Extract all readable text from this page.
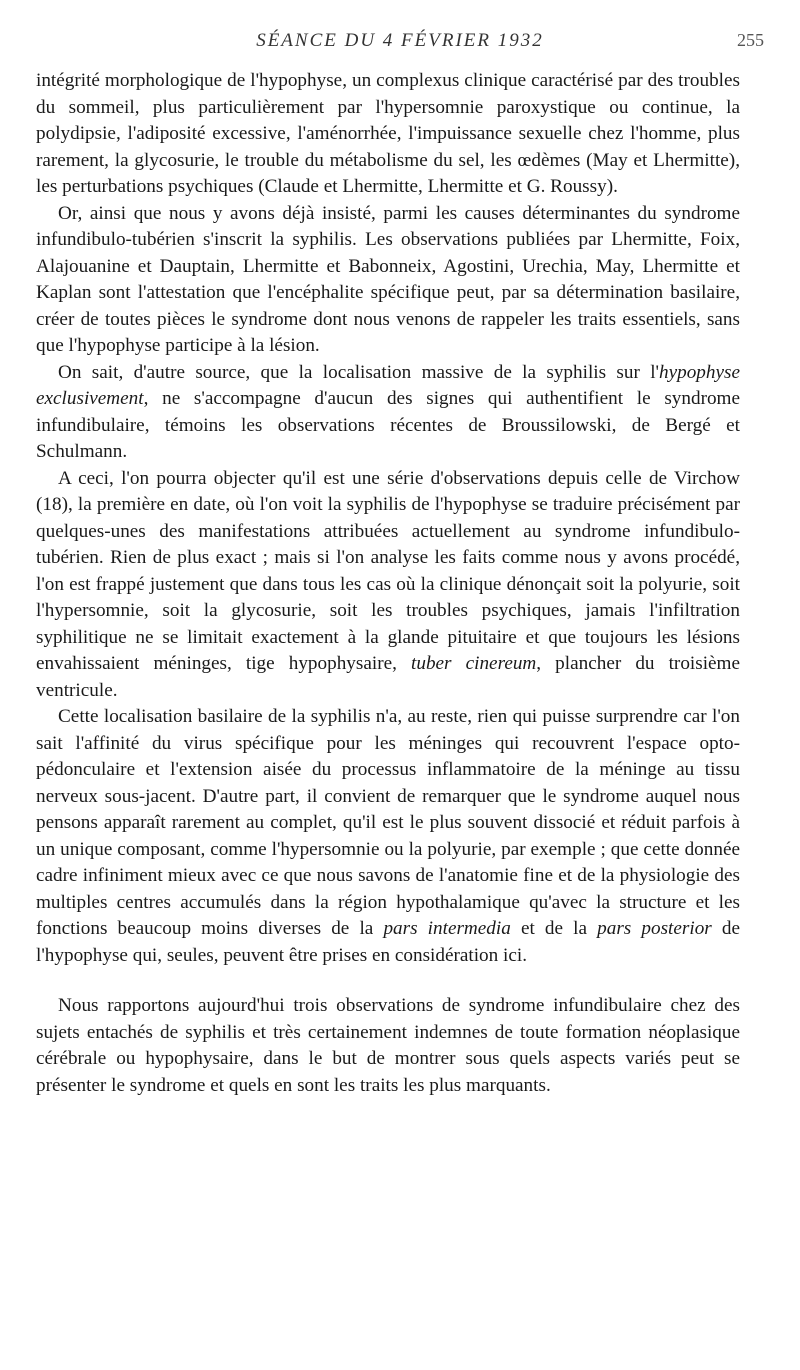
SÉANCE DU 4 FÉVRIER 1932	255

intégrité morphologique de l'hypophyse, un complexus clinique caractérisé par des troubles du sommeil, plus particulièrement par l'hypersomnie paroxystique ou continue, la polydipsie, l'adiposité excessive, l'aménorrhée, l'impuissance sexuelle chez l'homme, plus rarement, la glycosurie, le trouble du métabolisme du sel, les œdèmes (May et Lhermitte), les perturbations psychiques (Claude et Lhermitte, Lhermitte et G. Roussy).

Or, ainsi que nous y avons déjà insisté, parmi les causes déterminantes du syndrome infundibulo-tubérien s'inscrit la syphilis. Les observations publiées par Lhermitte, Foix, Alajouanine et Dauptain, Lhermitte et Babonneix, Agostini, Urechia, May, Lhermitte et Kaplan sont l'attestation que l'encéphalite spécifique peut, par sa détermination basilaire, créer de toutes pièces le syndrome dont nous venons de rappeler les traits essentiels, sans que l'hypophyse participe à la lésion.

On sait, d'autre source, que la localisation massive de la syphilis sur l'hypophyse exclusivement, ne s'accompagne d'aucun des signes qui authentifient le syndrome infundibulaire, témoins les observations récentes de Broussilowski, de Bergé et Schulmann.

A ceci, l'on pourra objecter qu'il est une série d'observations depuis celle de Virchow (18), la première en date, où l'on voit la syphilis de l'hypophyse se traduire précisément par quelques-unes des manifestations attribuées actuellement au syndrome infundibulo-tubérien. Rien de plus exact ; mais si l'on analyse les faits comme nous y avons procédé, l'on est frappé justement que dans tous les cas où la clinique dénonçait soit la polyurie, soit l'hypersomnie, soit la glycosurie, soit les troubles psychiques, jamais l'infiltration syphilitique ne se limitait exactement à la glande pituitaire et que toujours les lésions envahissaient méninges, tige hypophysaire, tuber cinereum, plancher du troisième ventricule.

Cette localisation basilaire de la syphilis n'a, au reste, rien qui puisse surprendre car l'on sait l'affinité du virus spécifique pour les méninges qui recouvrent l'espace opto-pédonculaire et l'extension aisée du processus inflammatoire de la méninge au tissu nerveux sous-jacent. D'autre part, il convient de remarquer que le syndrome auquel nous pensons apparaît rarement au complet, qu'il est le plus souvent dissocié et réduit parfois à un unique composant, comme l'hypersomnie ou la polyurie, par exemple ; que cette donnée cadre infiniment mieux avec ce que nous savons de l'anatomie fine et de la physiologie des multiples centres accumulés dans la région hypothalamique qu'avec la structure et les fonctions beaucoup moins diverses de la pars intermedia et de la pars posterior de l'hypophyse qui, seules, peuvent être prises en considération ici.

Nous rapportons aujourd'hui trois observations de syndrome infundibulaire chez des sujets entachés de syphilis et très certainement indemnes de toute formation néoplasique cérébrale ou hypophysaire, dans le but de montrer sous quels aspects variés peut se présenter le syndrome et quels en sont les traits les plus marquants.
